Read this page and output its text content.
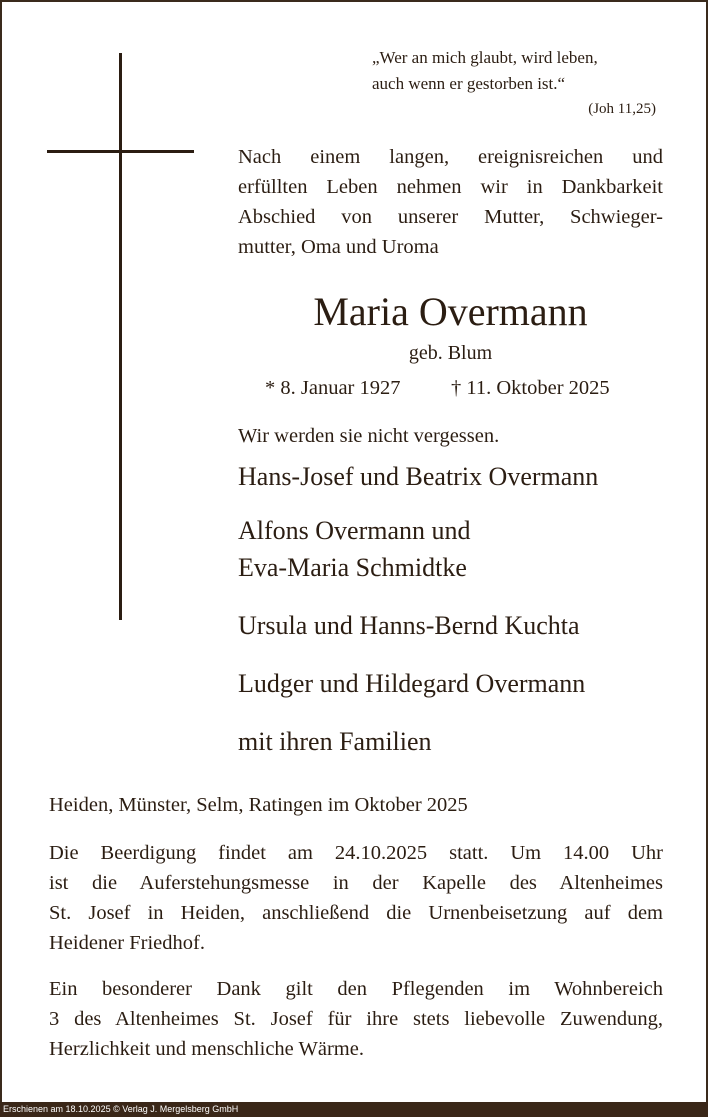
„Wer an mich glaubt, wird leben,
auch wenn er gestorben ist.“
(Joh 11,25)
Nach einem langen, ereignisreichen und
erfüllten Leben nehmen wir in Dankbarkeit
Abschied von unserer Mutter, Schwieger-
mutter, Oma und Uroma
Maria Overmann
geb. Blum
* 8. Januar 1927 † 11. Oktober 2025
Wir werden sie nicht vergessen.
Hans-Josef und Beatrix Overmann
Alfons Overmann und
Eva-Maria Schmidtke
Ursula und Hanns-Bernd Kuchta
Ludger und Hildegard Overmann
mit ihren Familien
Heiden, Münster, Selm, Ratingen im Oktober 2025
Die Beerdigung findet am 24.10.2025 statt. Um 14.00 Uhr
ist die Auferstehungsmesse in der Kapelle des Altenheimes
St. Josef in Heiden, anschließend die Urnenbeisetzung auf dem
Heidener Friedhof.
Ein besonderer Dank gilt den Pflegenden im Wohnbereich
3 des Altenheimes St. Josef für ihre stets liebevolle Zuwendung,
Herzlichkeit und menschliche Wärme.
Erschienen am 18.10.2025 © Verlag J. Mergelsberg GmbH
